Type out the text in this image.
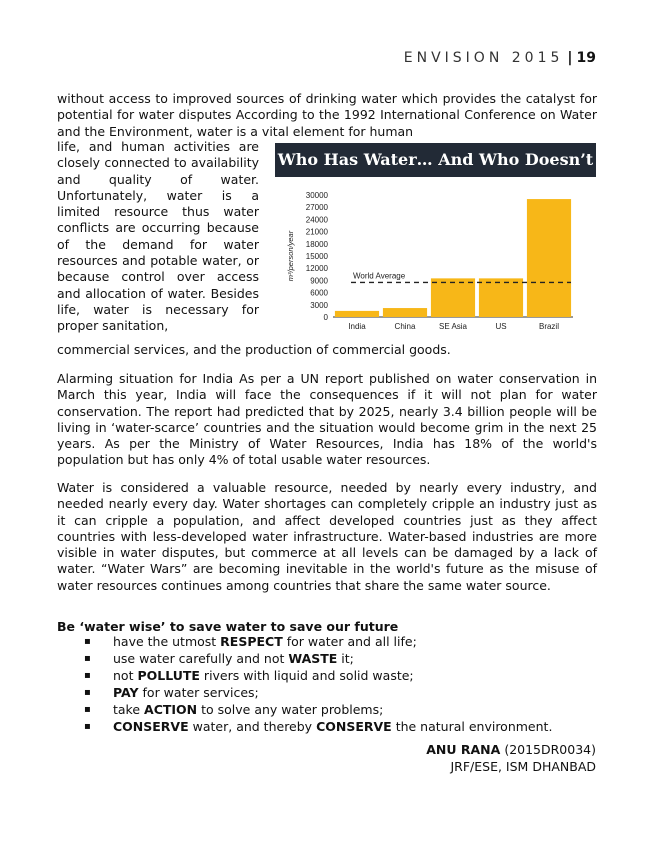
ENVISION 2015 | 19
without access to improved sources of drinking water which provides the catalyst for potential for water disputes According to the 1992 International Conference on Water and the Environment, water is a vital element for human
life, and human activities are closely connected to availability and quality of water. Unfortunately, water is a limited resource thus water conflicts are occurring because of the demand for water resources and potable water, or because control over access and allocation of water. Besides life, water is necessary for proper sanitation,
Who Has Water… And Who Doesn’t
0
3000
6000
9000
12000
15000
18000
21000
24000
27000
30000
m³/person/year
India	China	SE Asia	US	Brazil
World Average
commercial services, and the production of commercial goods.
Alarming situation for India As per a UN report published on water conservation in March this year, India will face the consequences if it will not plan for water conservation. The report had predicted that by 2025, nearly 3.4 billion people will be living in ‘water-scarce’ countries and the situation would become grim in the next 25 years. As per the Ministry of Water Resources, India has 18% of the world's population but has only 4% of total usable water resources.
Water is considered a valuable resource, needed by nearly every industry, and needed nearly every day. Water shortages can completely cripple an industry just as it can cripple a population, and affect developed countries just as they affect countries with less-developed water infrastructure. Water-based industries are more visible in water disputes, but commerce at all levels can be damaged by a lack of water. “Water Wars” are becoming inevitable in the world's future as the misuse of water resources continues among countries that share the same water source.
Be ‘water wise’ to save water to save our future
▪ have the utmost RESPECT for water and all life;
▪ use water carefully and not WASTE it;
▪ not POLLUTE rivers with liquid and solid waste;
▪ PAY for water services;
▪ take ACTION to solve any water problems;
▪ CONSERVE water, and thereby CONSERVE the natural environment.
ANU RANA (2015DR0034)
JRF/ESE, ISM DHANBAD
